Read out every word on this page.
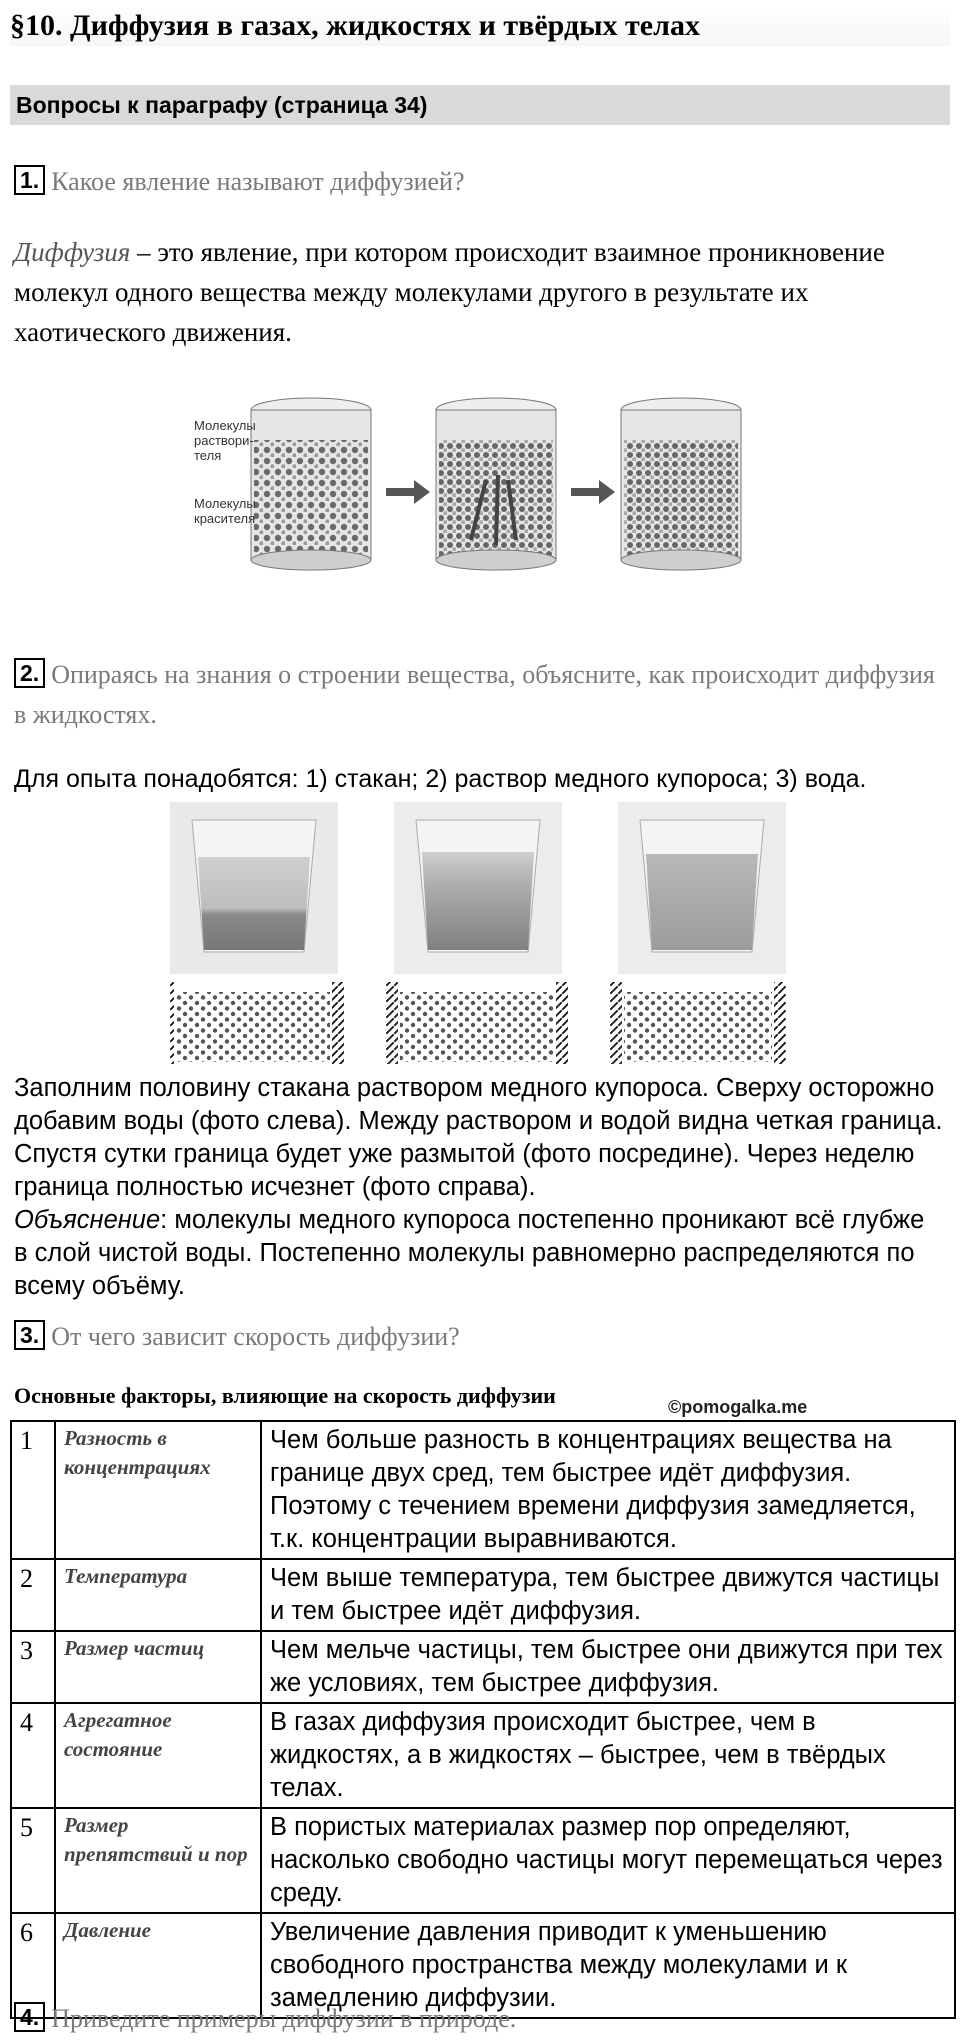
§10. Диффузия в газах, жидкостях и твёрдых телах
Вопросы к параграфу (страница 34)
1. Какое явление называют диффузией?
Диффузия – это явление, при котором происходит взаимное проникновение молекул одного вещества между молекулами другого в результате их хаотического движения.
Молекулы раствори-теля
Молекулы красителя
2. Опираясь на знания о строении вещества, объясните, как происходит диффузия в жидкостях.
Для опыта понадобятся: 1) стакан; 2) раствор медного купороса; 3) вода.
Заполним половину стакана раствором медного купороса. Сверху осторожно добавим воды (фото слева). Между раствором и водой видна четкая граница. Спустя сутки граница будет уже размытой (фото посредине). Через неделю граница полностью исчезнет (фото справа).
Объяснение: молекулы медного купороса постепенно проникают всё глубже в слой чистой воды. Постепенно молекулы равномерно распределяются по всему объёму.
3. От чего зависит скорость диффузии?
Основные факторы, влияющие на скорость диффузии	©pomogalka.me
1	Разность в концентрациях	Чем больше разность в концентрациях вещества на границе двух сред, тем быстрее идёт диффузия. Поэтому с течением времени диффузия замедляется, т.к. концентрации выравниваются.
2	Температура	Чем выше температура, тем быстрее движутся частицы и тем быстрее идёт диффузия.
3	Размер частиц	Чем мельче частицы, тем быстрее они движутся при тех же условиях, тем быстрее диффузия.
4	Агрегатное состояние	В газах диффузия происходит быстрее, чем в жидкостях, а в жидкостях – быстрее, чем в твёрдых телах.
5	Размер препятствий и пор	В пористых материалах размер пор определяют, насколько свободно частицы могут перемещаться через среду.
6	Давление	Увеличение давления приводит к уменьшению свободного пространства между молекулами и к замедлению диффузии.
4. Приведите примеры диффузии в природе.
